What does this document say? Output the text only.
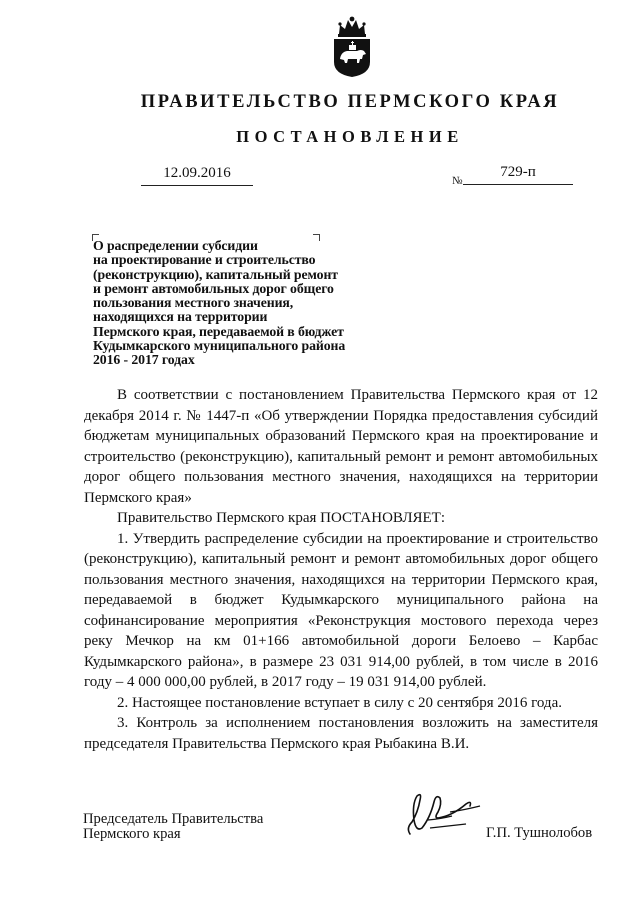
ПРАВИТЕЛЬСТВО ПЕРМСКОГО КРАЯ
ПОСТАНОВЛЕНИЕ
12.09.2016	№
729-п
О распределении субсидии
на проектирование и строительство
(реконструкцию), капитальный ремонт
и ремонт автомобильных дорог общего
пользования местного значения,
находящихся на территории
Пермского края, передаваемой в бюджет
Кудымкарского муниципального района
2016 - 2017 годах

В соответствии с постановлением Правительства Пермского края от 12 декабря 2014 г. № 1447-п «Об утверждении Порядка предоставления субсидий бюджетам муниципальных образований Пермского края на проектирование и строительство (реконструкцию), капитальный ремонт и ремонт автомобильных дорог общего пользования местного значения, находящихся на территории Пермского края»

Правительство Пермского края ПОСТАНОВЛЯЕТ:

1. Утвердить распределение субсидии на проектирование и строительство (реконструкцию), капитальный ремонт и ремонт автомобильных дорог общего пользования местного значения, находящихся на территории Пермского края, передаваемой в бюджет Кудымкарского муниципального района на софинансирование мероприятия «Реконструкция мостового перехода через реку Мечкор на км 01+166 автомобильной дороги Белоево – Карбас Кудымкарского района», в размере 23 031 914,00 рублей, в том числе в 2016 году – 4 000 000,00 рублей, в 2017 году – 19 031 914,00 рублей.

2. Настоящее постановление вступает в силу с 20 сентября 2016 года.

3. Контроль за исполнением постановления возложить на заместителя председателя Правительства Пермского края Рыбакина В.И.

Председатель Правительства
Пермского края	Г.П. Тушнолобов
